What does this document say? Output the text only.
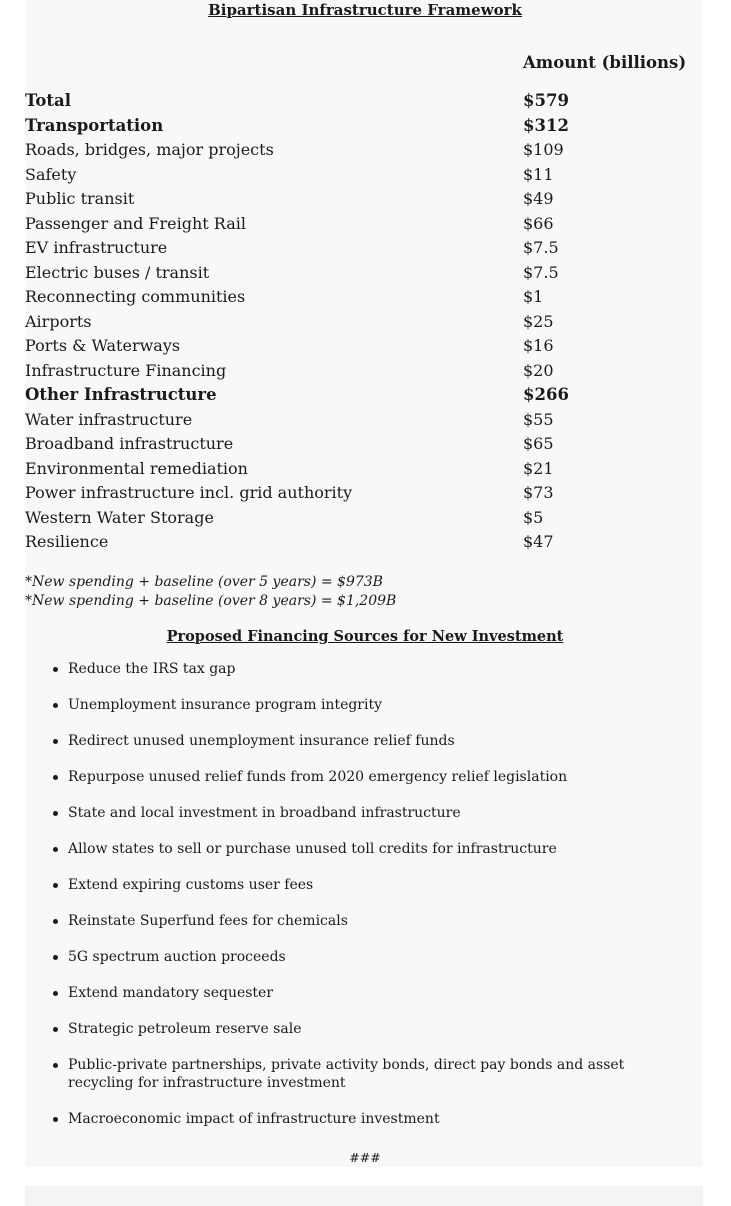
Bipartisan Infrastructure Framework
Amount (billions)
Total	$579
Transportation	$312
Roads, bridges, major projects	$109
Safety	$11
Public transit	$49
Passenger and Freight Rail	$66
EV infrastructure	$7.5
Electric buses / transit	$7.5
Reconnecting communities	$1
Airports	$25
Ports & Waterways	$16
Infrastructure Financing	$20
Other Infrastructure	$266
Water infrastructure	$55
Broadband infrastructure	$65
Environmental remediation	$21
Power infrastructure incl. grid authority	$73
Western Water Storage	$5
Resilience	$47
*New spending + baseline (over 5 years) = $973B
*New spending + baseline (over 8 years) = $1,209B
Proposed Financing Sources for New Investment
Reduce the IRS tax gap
Unemployment insurance program integrity
Redirect unused unemployment insurance relief funds
Repurpose unused relief funds from 2020 emergency relief legislation
State and local investment in broadband infrastructure
Allow states to sell or purchase unused toll credits for infrastructure
Extend expiring customs user fees
Reinstate Superfund fees for chemicals
5G spectrum auction proceeds
Extend mandatory sequester
Strategic petroleum reserve sale
Public-private partnerships, private activity bonds, direct pay bonds and asset recycling for infrastructure investment
Macroeconomic impact of infrastructure investment
###
